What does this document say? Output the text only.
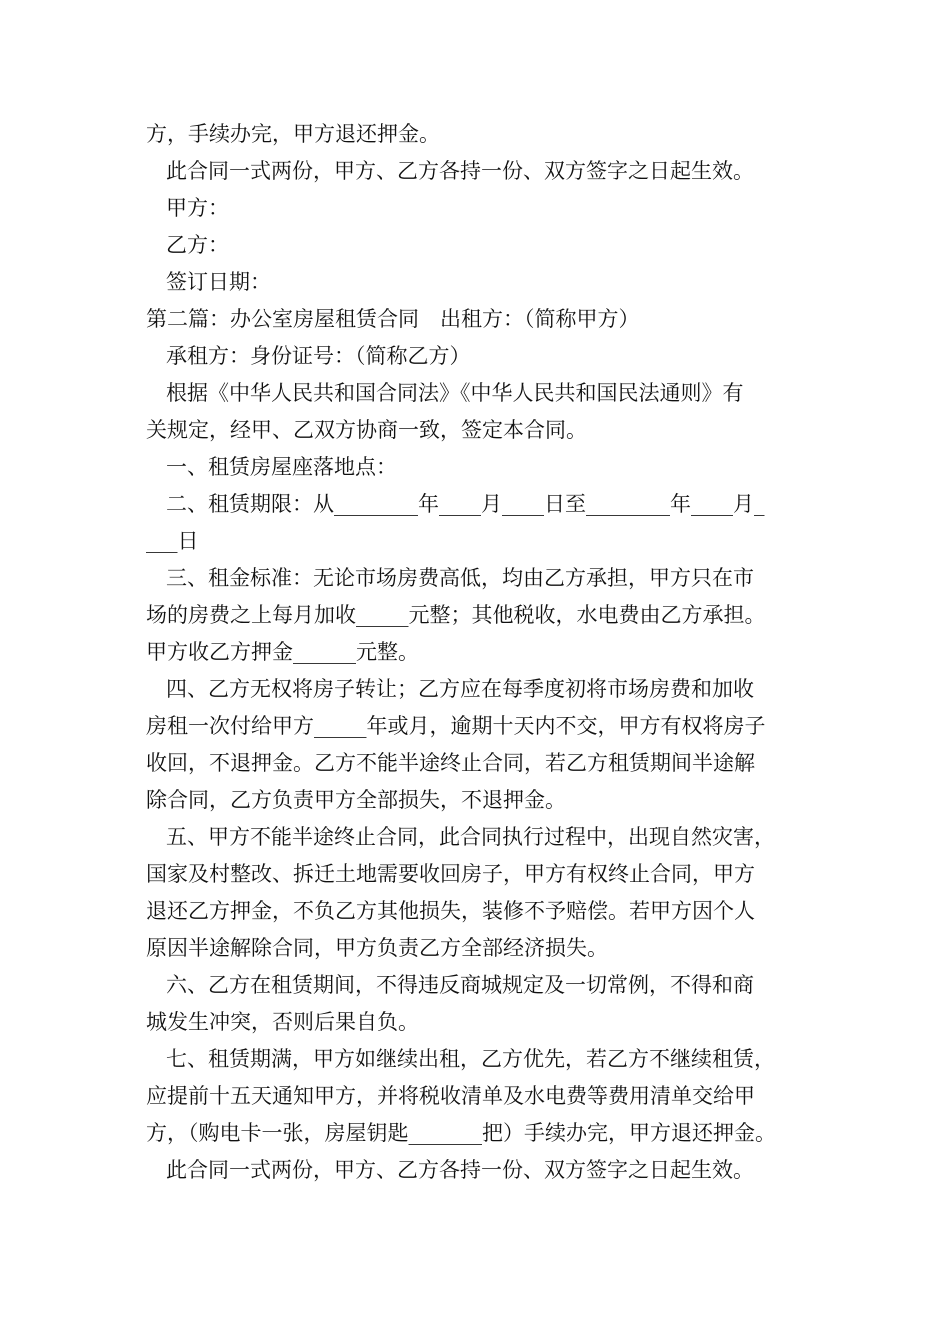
方，手续办完，甲方退还押金。
此合同一式两份，甲方、乙方各持一份、双方签字之日起生效。
甲方：
乙方：
签订日期：
第二篇：办公室房屋租赁合同　出租方：（简称甲方）
承租方：身份证号：（简称乙方）
根据《中华人民共和国合同法》《中华人民共和国民法通则》有
关规定，经甲、乙双方协商一致，签定本合同。
一、租赁房屋座落地点：
二、租赁期限：从________年____月____日至________年____月_
___日
三、租金标准：无论市场房费高低，均由乙方承担，甲方只在市
场的房费之上每月加收_____元整；其他税收，水电费由乙方承担。
甲方收乙方押金______元整。
四、乙方无权将房子转让；乙方应在每季度初将市场房费和加收
房租一次付给甲方_____年或月，逾期十天内不交，甲方有权将房子
收回，不退押金。乙方不能半途终止合同，若乙方租赁期间半途解
除合同，乙方负责甲方全部损失，不退押金。
五、甲方不能半途终止合同，此合同执行过程中，出现自然灾害，
国家及村整改、拆迁土地需要收回房子，甲方有权终止合同，甲方
退还乙方押金，不负乙方其他损失，装修不予赔偿。若甲方因个人
原因半途解除合同，甲方负责乙方全部经济损失。
六、乙方在租赁期间，不得违反商城规定及一切常例，不得和商
城发生冲突，否则后果自负。
七、租赁期满，甲方如继续出租，乙方优先，若乙方不继续租赁，
应提前十五天通知甲方，并将税收清单及水电费等费用清单交给甲
方，（购电卡一张，房屋钥匙_______把）手续办完，甲方退还押金。
此合同一式两份，甲方、乙方各持一份、双方签字之日起生效。
